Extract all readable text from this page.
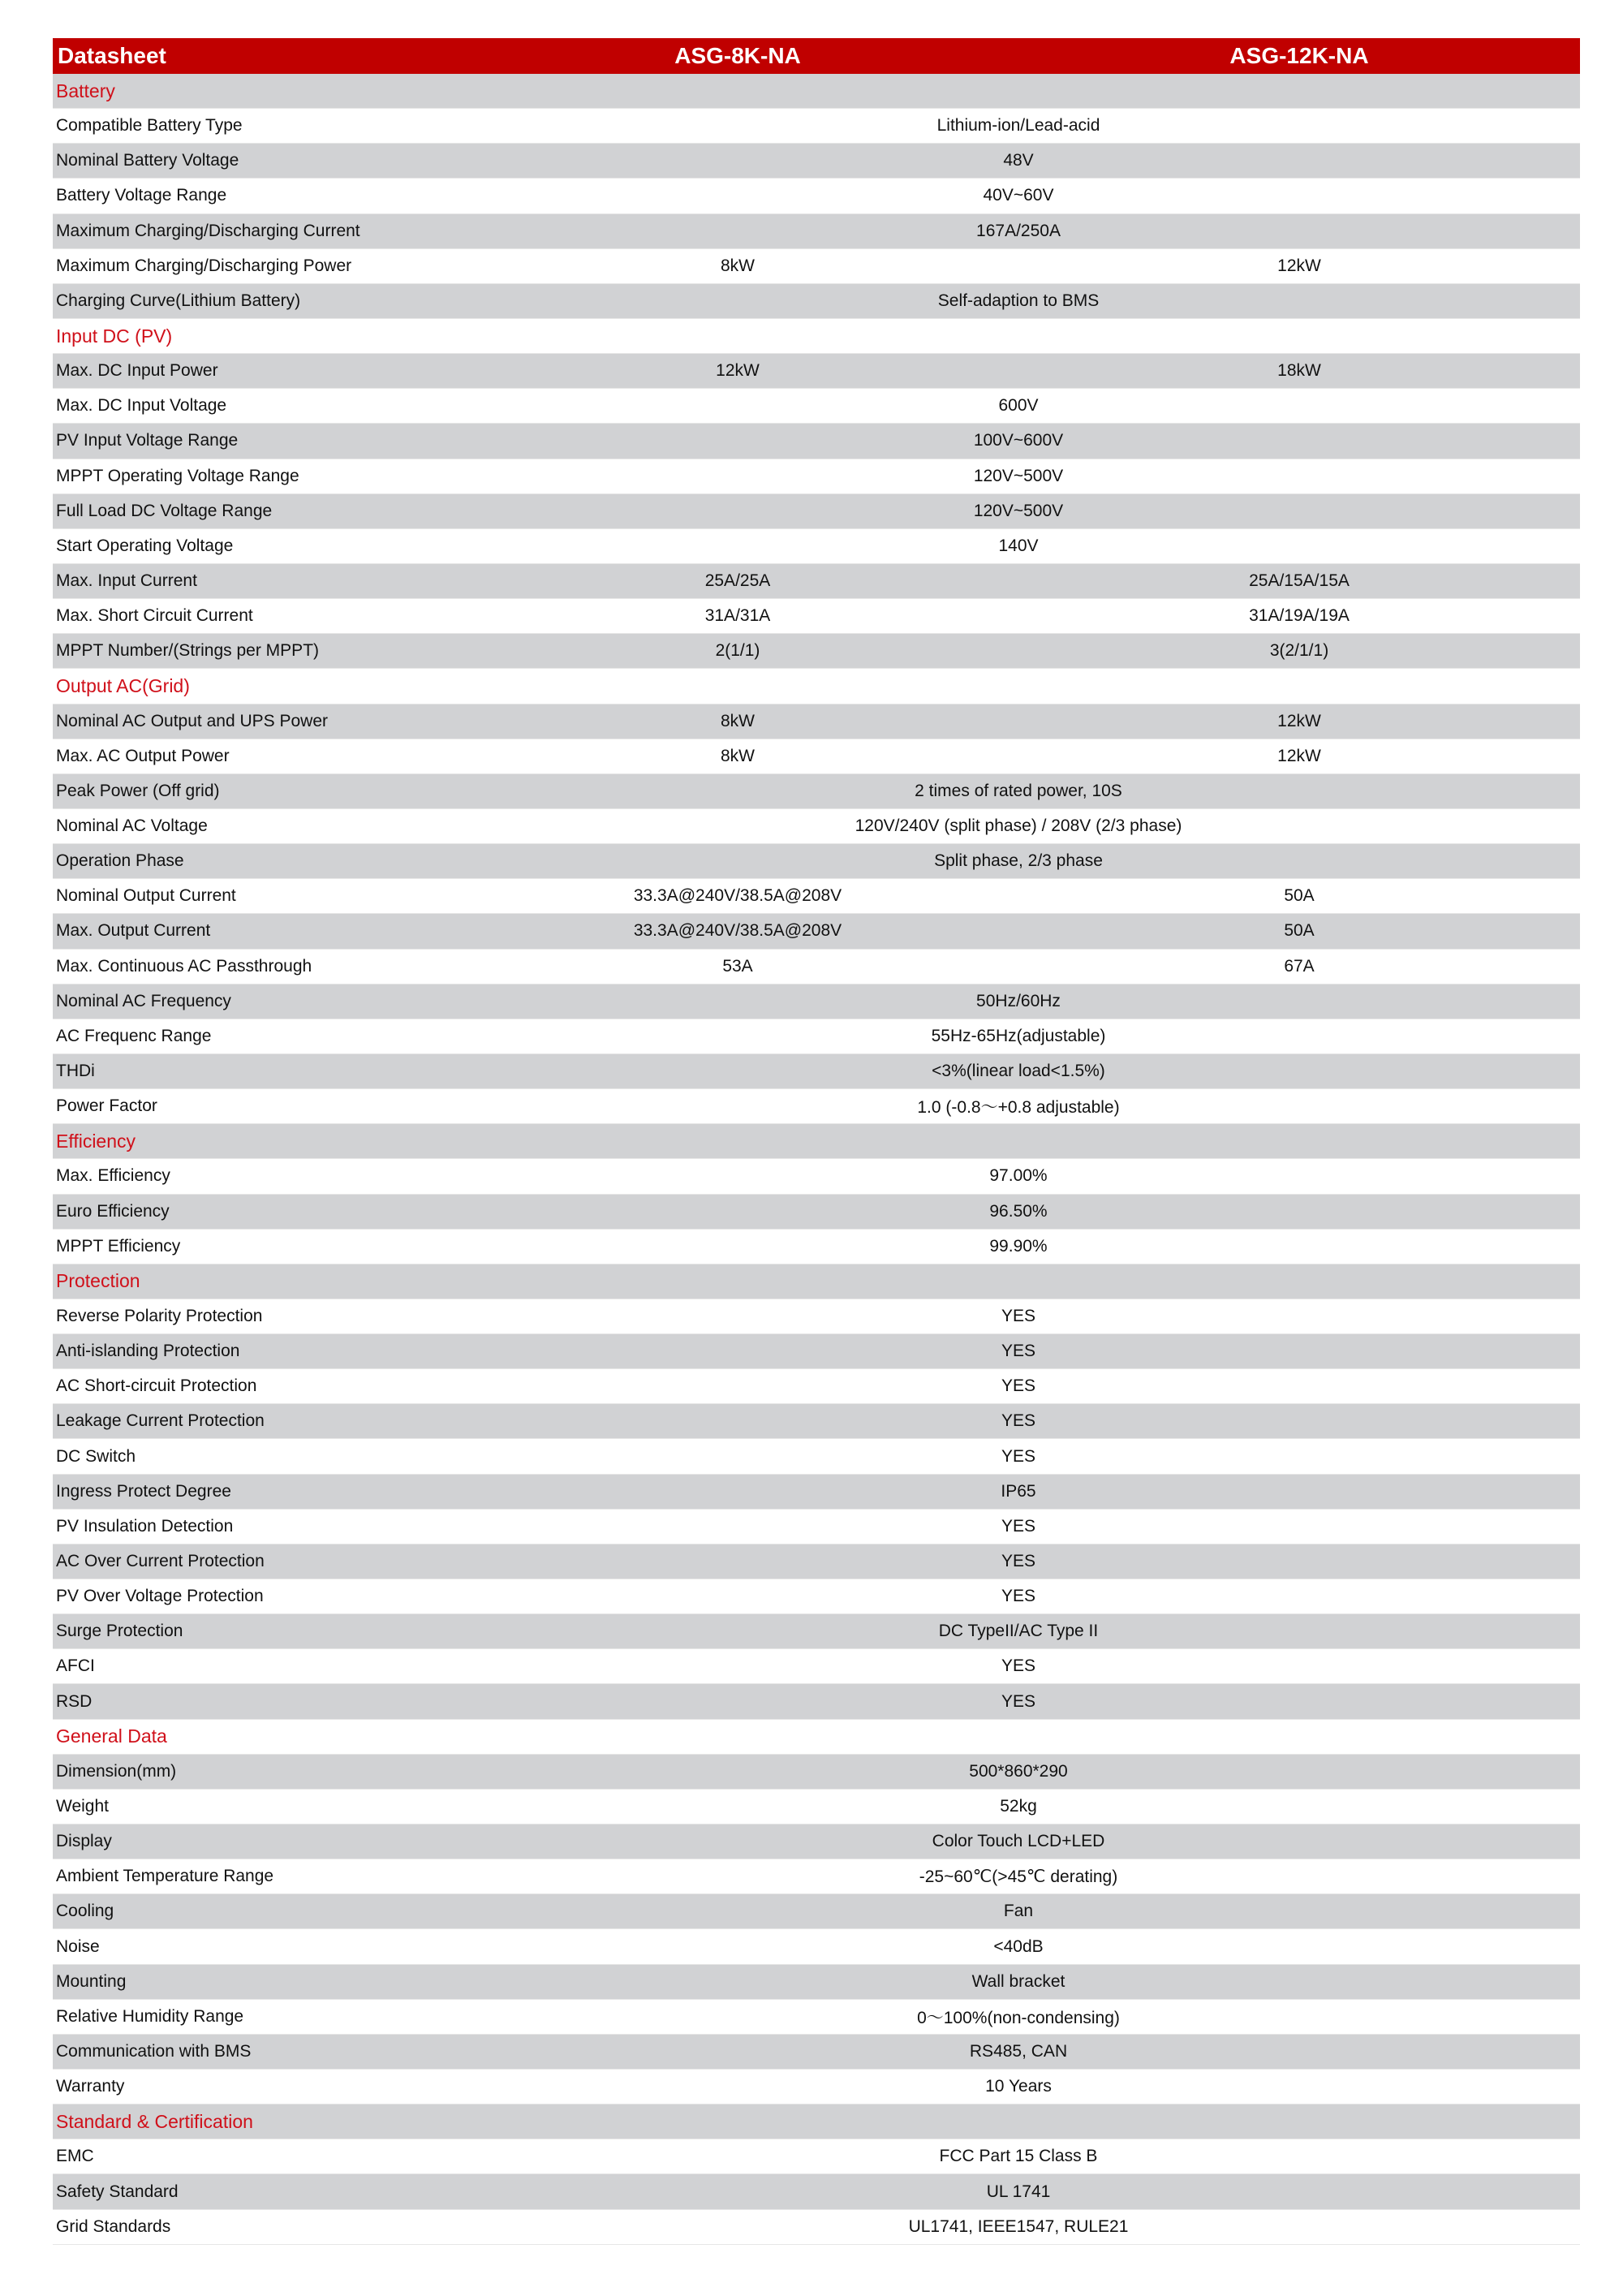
Datasheet	ASG-8K-NA	ASG-12K-NA
Battery
Compatible Battery Type	Lithium-ion/Lead-acid
Nominal Battery Voltage	48V
Battery Voltage Range	40V~60V
Maximum Charging/Discharging Current	167A/250A
Maximum Charging/Discharging Power	8kW	12kW
Charging Curve(Lithium Battery)	Self-adaption to BMS
Input DC (PV)
Max. DC Input Power	12kW	18kW
Max. DC Input Voltage	600V
PV Input Voltage Range	100V~600V
MPPT Operating Voltage Range	120V~500V
Full Load DC Voltage Range	120V~500V
Start Operating Voltage	140V
Max. Input Current	25A/25A	25A/15A/15A
Max. Short Circuit Current	31A/31A	31A/19A/19A
MPPT Number/(Strings per MPPT)	2(1/1)	3(2/1/1)
Output AC(Grid)
Nominal AC Output and UPS Power	8kW	12kW
Max. AC Output Power	8kW	12kW
Peak Power (Off grid)	2 times of rated power, 10S
Nominal AC Voltage	120V/240V (split phase) / 208V (2/3 phase)
Operation Phase	Split phase, 2/3 phase
Nominal Output Current	33.3A@240V/38.5A@208V	50A
Max. Output Current	33.3A@240V/38.5A@208V	50A
Max. Continuous AC Passthrough	53A	67A
Nominal AC Frequency	50Hz/60Hz
AC Frequenc Range	55Hz-65Hz(adjustable)
THDi	<3%(linear load<1.5%)
Power Factor	1.0 (-0.8～+0.8 adjustable)
Efficiency
Max. Efficiency	97.00%
Euro Efficiency	96.50%
MPPT Efficiency	99.90%
Protection
Reverse Polarity Protection	YES
Anti-islanding Protection	YES
AC Short-circuit Protection	YES
Leakage Current Protection	YES
DC Switch	YES
Ingress Protect Degree	IP65
PV Insulation Detection	YES
AC Over Current Protection	YES
PV Over Voltage Protection	YES
Surge Protection	DC TypeII/AC Type II
AFCI	YES
RSD	YES
General Data
Dimension(mm)	500*860*290
Weight	52kg
Display	Color Touch LCD+LED
Ambient Temperature Range	-25~60℃(>45℃ derating)
Cooling	Fan
Noise	<40dB
Mounting	Wall bracket
Relative Humidity Range	0～100%(non-condensing)
Communication with BMS	RS485, CAN
Warranty	10 Years
Standard & Certification
EMC	FCC Part 15 Class B
Safety Standard	UL 1741
Grid Standards	UL1741, IEEE1547, RULE21
